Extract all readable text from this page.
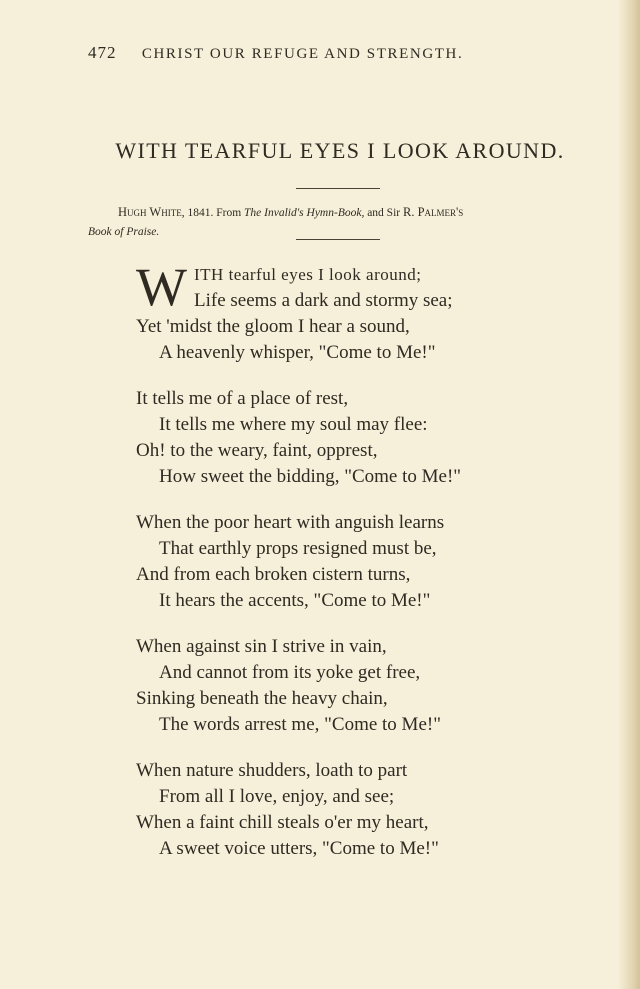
472 CHRIST OUR REFUGE AND STRENGTH.
WITH TEARFUL EYES I LOOK AROUND.
Hugh White, 1841. From The Invalid's Hymn-Book, and Sir R. Palmer's
Book of Praise.
W ITH tearful eyes I look around;
Life seems a dark and stormy sea;
Yet 'midst the gloom I hear a sound,
A heavenly whisper, "Come to Me!"
It tells me of a place of rest,
It tells me where my soul may flee:
Oh! to the weary, faint, opprest,
How sweet the bidding, "Come to Me!"
When the poor heart with anguish learns
That earthly props resigned must be,
And from each broken cistern turns,
It hears the accents, "Come to Me!"
When against sin I strive in vain,
And cannot from its yoke get free,
Sinking beneath the heavy chain,
The words arrest me, "Come to Me!"
When nature shudders, loath to part
From all I love, enjoy, and see;
When a faint chill steals o'er my heart,
A sweet voice utters, "Come to Me!"
